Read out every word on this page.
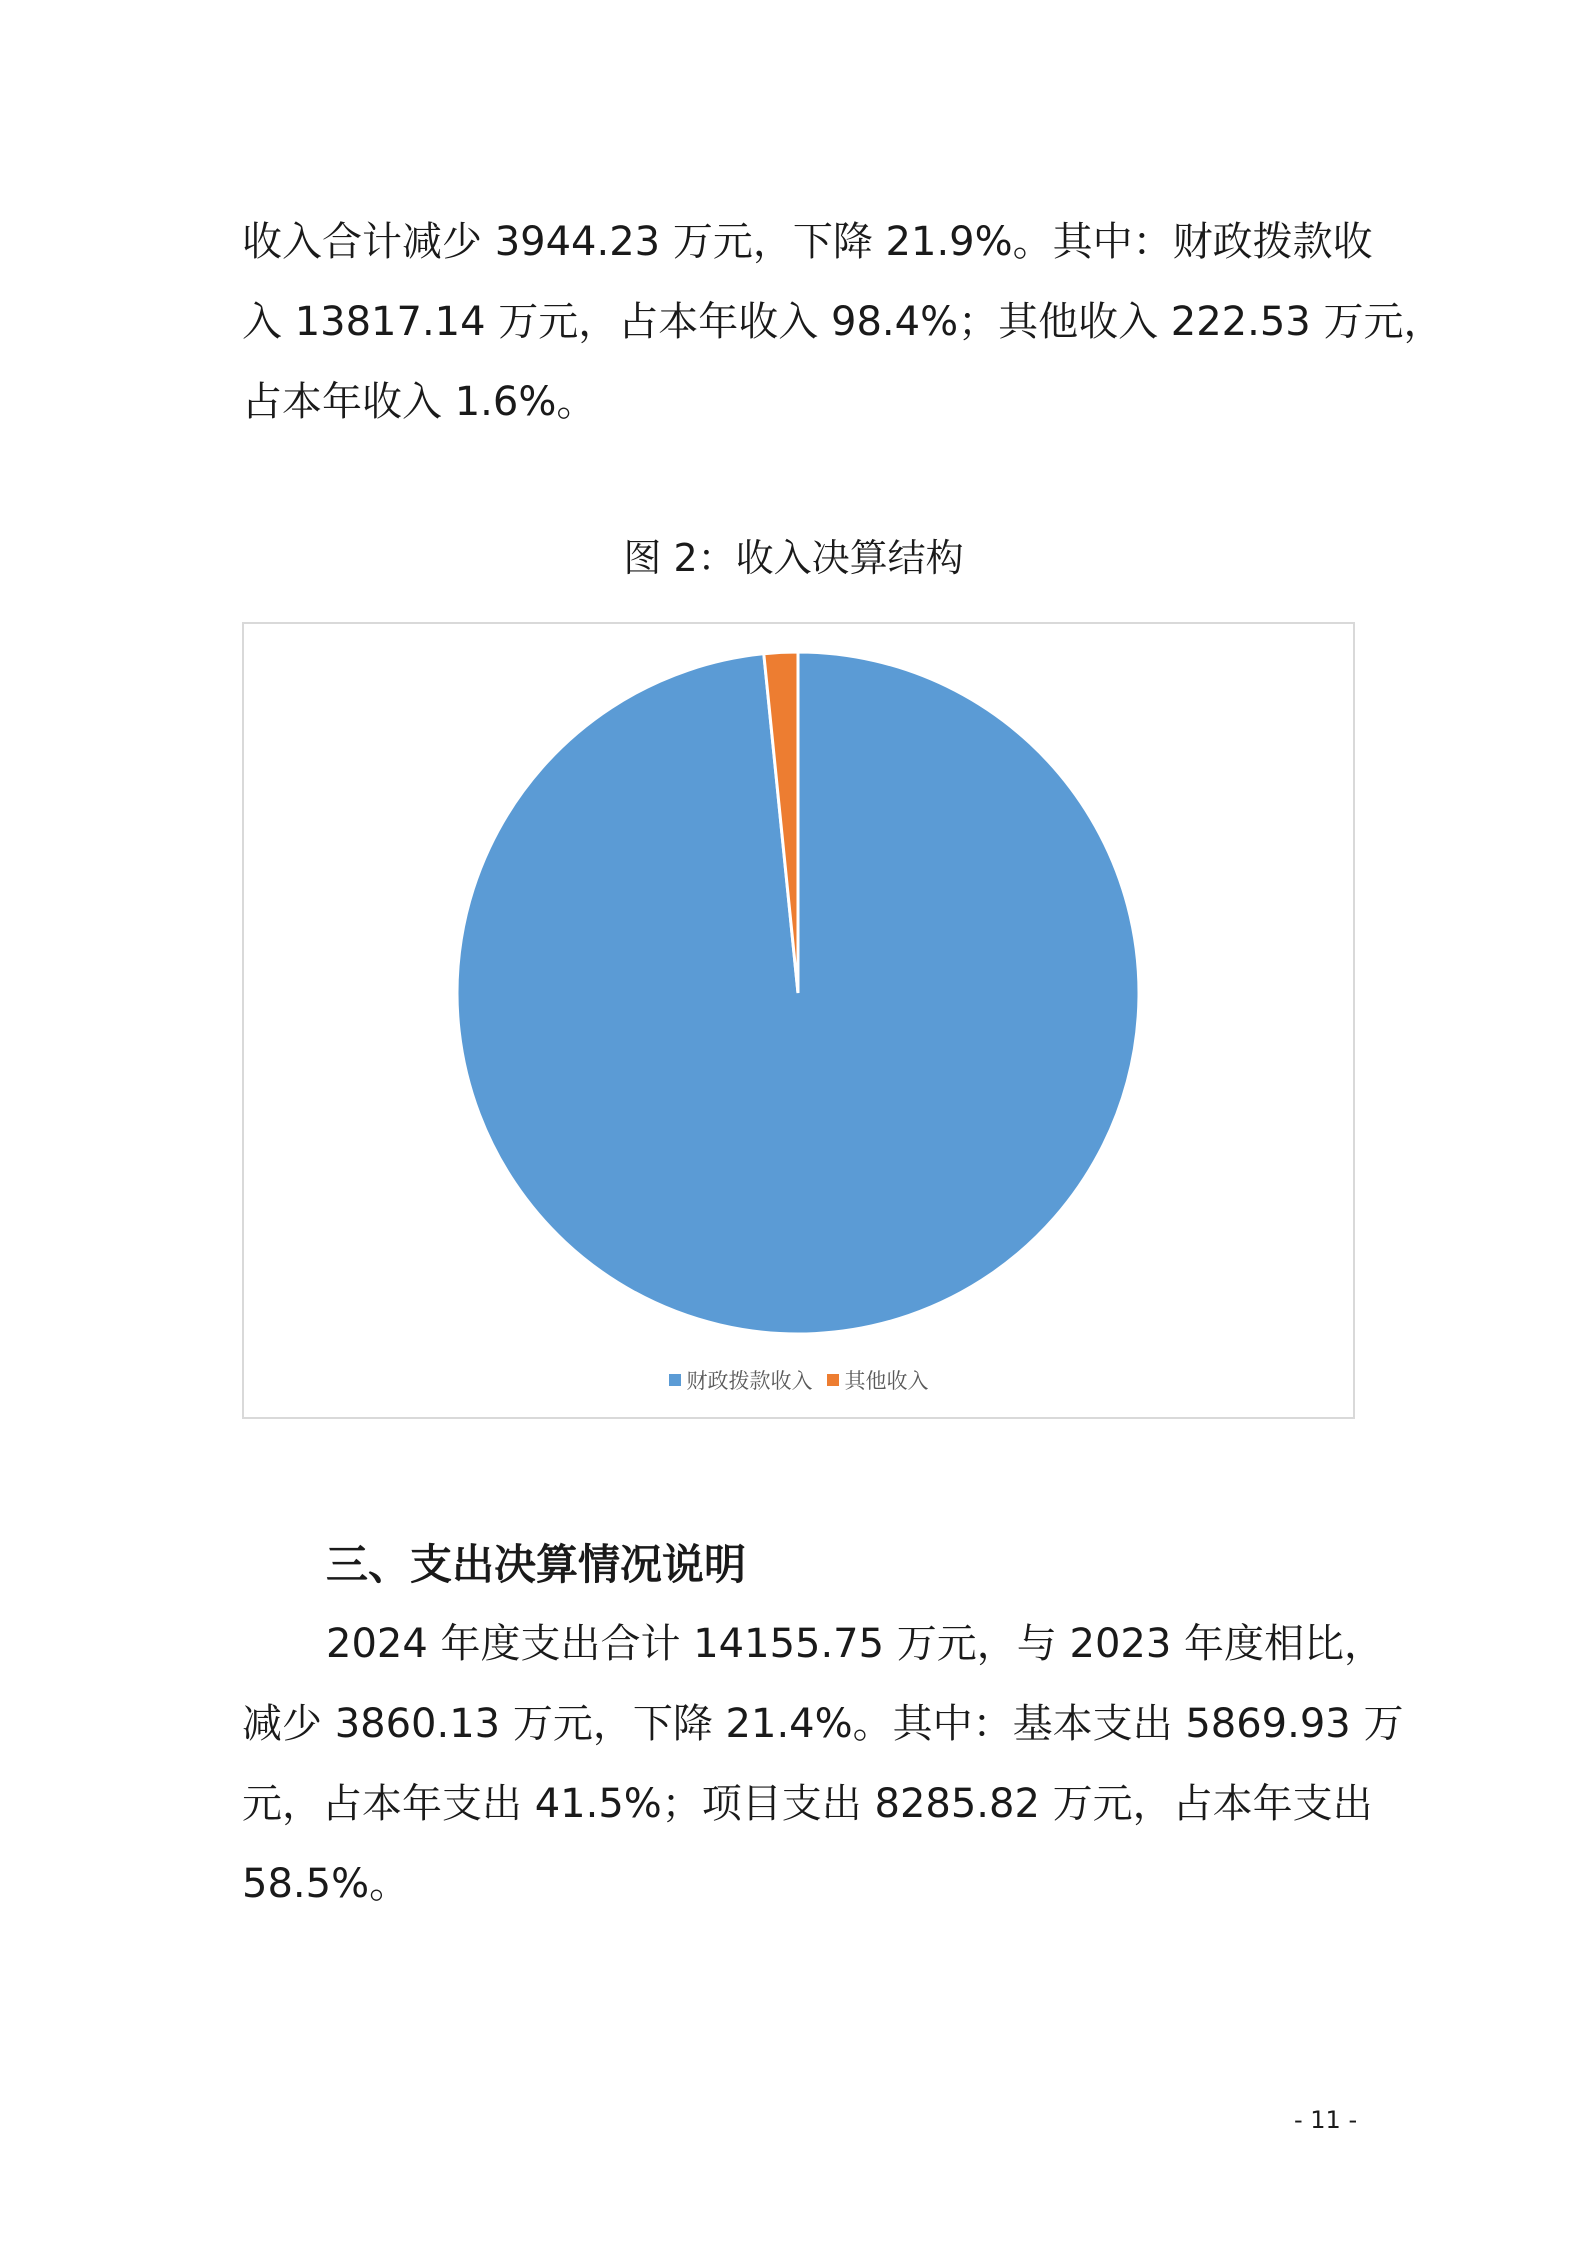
收入合计减少 3944.23 万元，下降 21.9%。其中：财政拨款收
入 13817.14 万元，占本年收入 98.4%；其他收入 222.53 万元，
占本年收入 1.6%。
图 2：收入决算结构
财政拨款收入 其他收入
三、支出决算情况说明
2024 年度支出合计 14155.75 万元，与 2023 年度相比，
减少 3860.13 万元，下降 21.4%。其中：基本支出 5869.93 万
元，占本年支出 41.5%；项目支出 8285.82 万元，占本年支出
58.5%。
- 11 -
